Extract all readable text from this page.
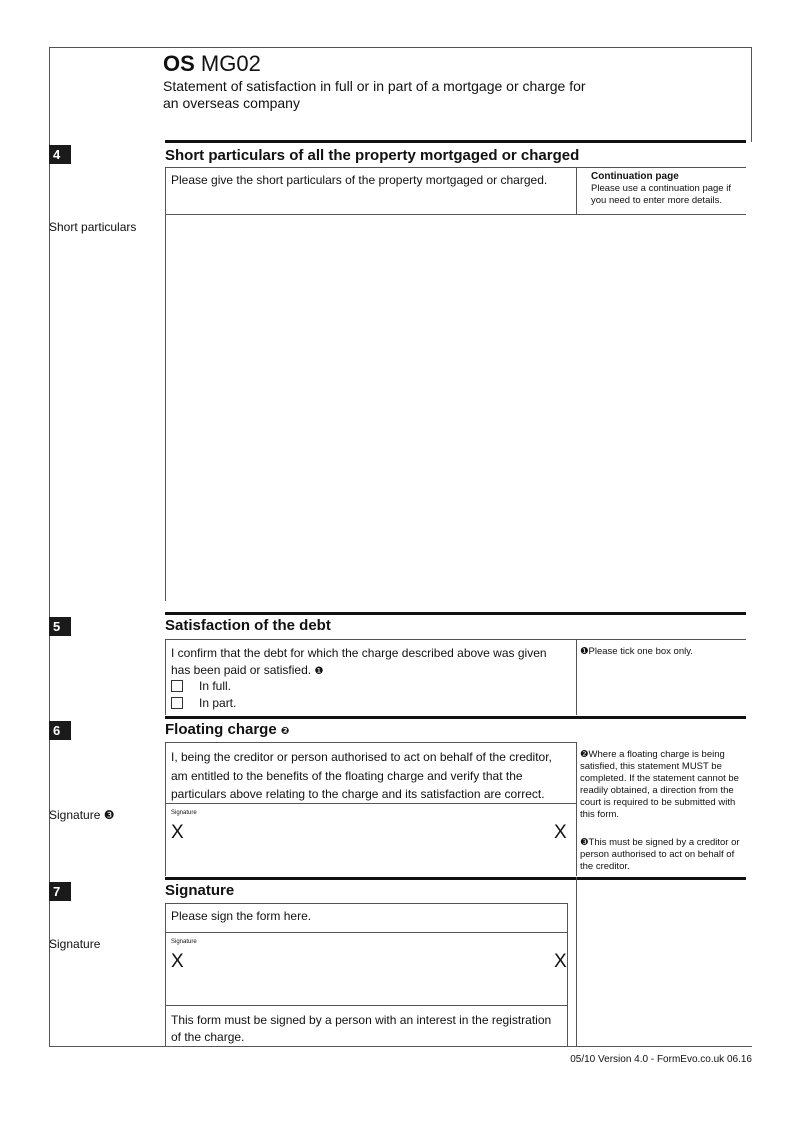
OS MG02
Statement of satisfaction in full or in part of a mortgage or charge for an overseas company
4	Short particulars of all the property mortgaged or charged
Please give the short particulars of the property mortgaged or charged.	Continuation page
Please use a continuation page if you need to enter more details.
Short particulars
5	Satisfaction of the debt
I confirm that the debt for which the charge described above was given has been paid or satisfied. ❶
In full.
In part.
❶Please tick one box only.
6	Floating charge ❷
I, being the creditor or person authorised to act on behalf of the creditor, am entitled to the benefits of the floating charge and verify that the particulars above relating to the charge and its satisfaction are correct.
Signature ❸	Signature
X	X
❷Where a floating charge is being satisfied, this statement MUST be completed. If the statement cannot be readily obtained, a direction from the court is required to be submitted with this form.
❸This must be signed by a creditor or person authorised to act on behalf of the creditor.
7	Signature
Please sign the form here.
Signature	Signature
X	X
This form must be signed by a person with an interest in the registration of the charge.
05/10 Version 4.0 - FormEvo.co.uk 06.16
